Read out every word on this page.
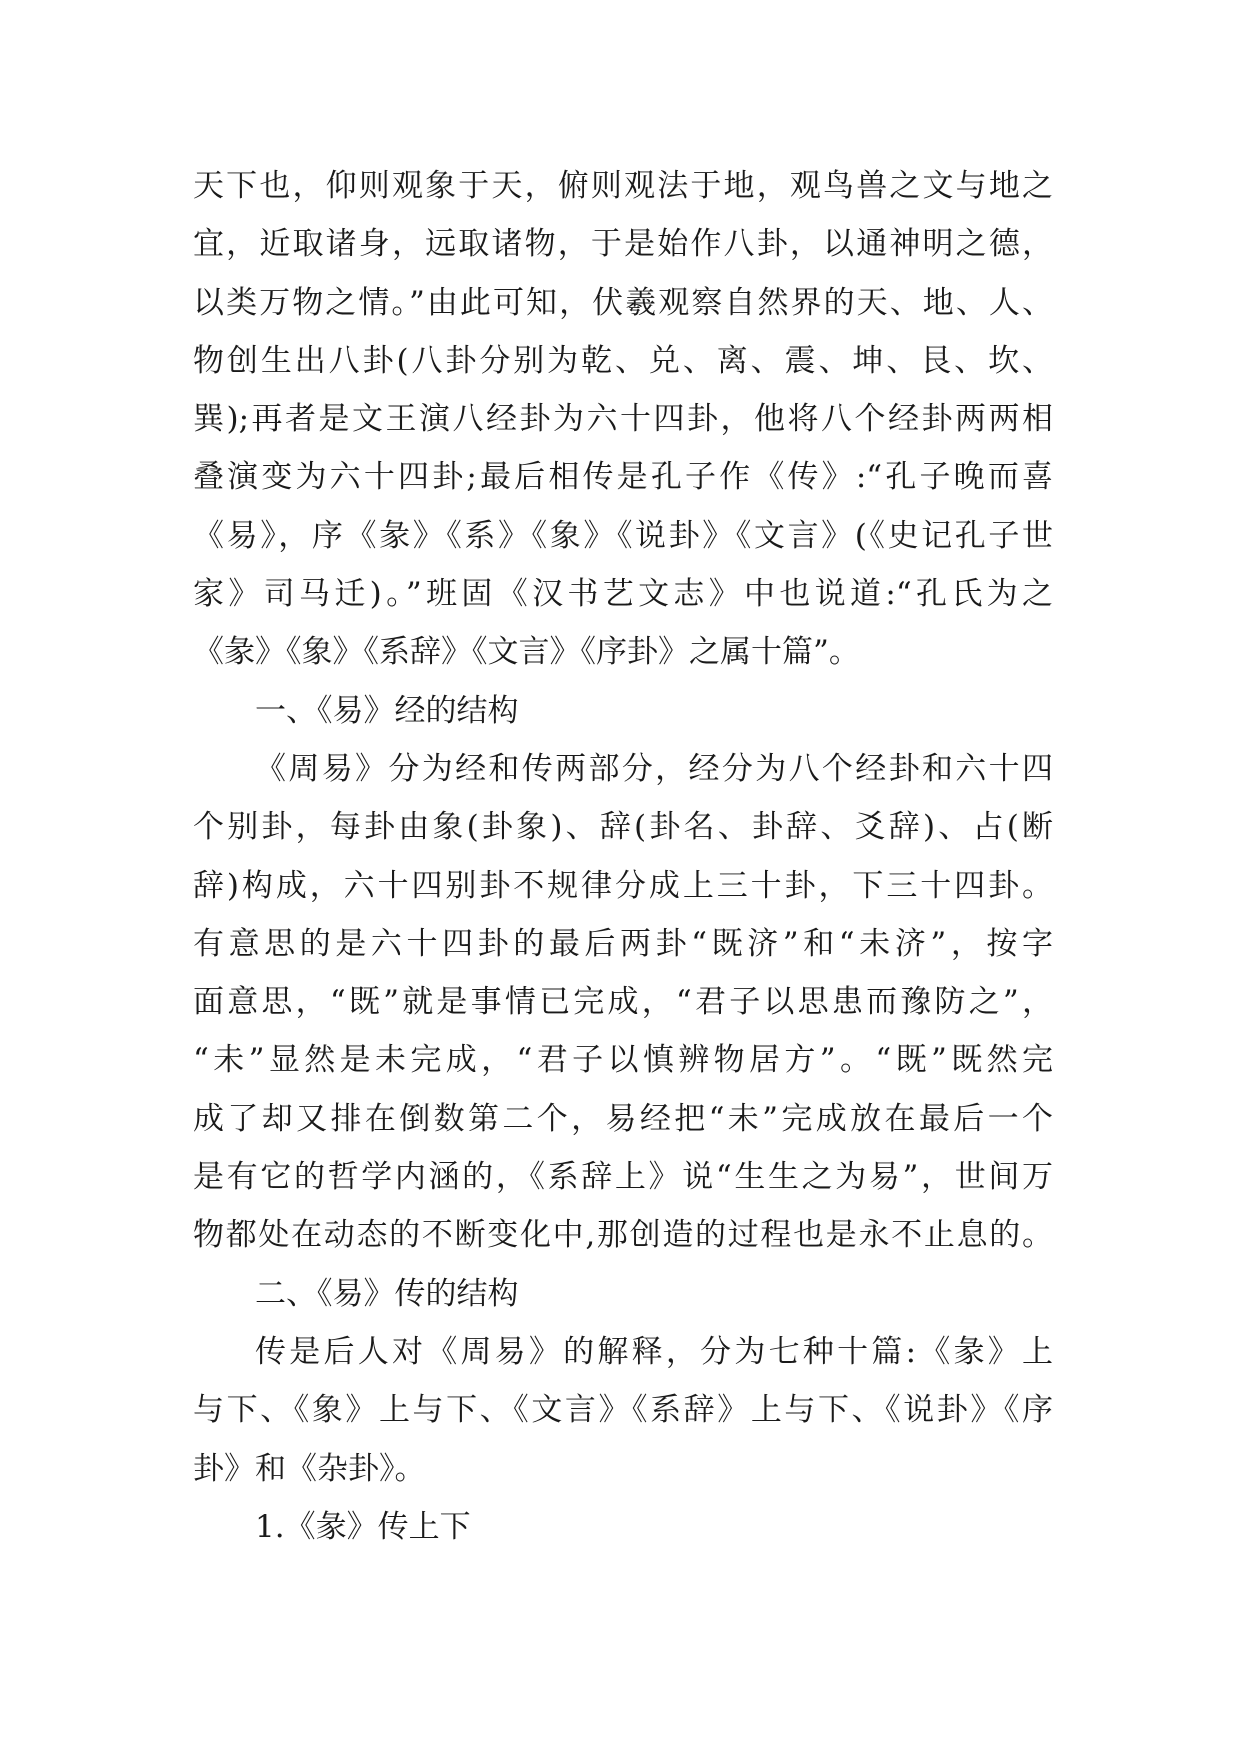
天下也，仰则观象于天，俯则观法于地，观鸟兽之文与地之
宜，近取诸身，远取诸物，于是始作八卦，以通神明之德，
以类万物之情。”由此可知，伏羲观察自然界的天、地、人、
物创生出八卦(八卦分别为乾、兑、离、震、坤、艮、坎、
巽);再者是文王演八经卦为六十四卦，他将八个经卦两两相
叠演变为六十四卦;最后相传是孔子作《传》:“孔子晚而喜
《易》，序《彖》《系》《象》《说卦》《文言》(《史记孔子世
家》司马迁)。”班固《汉书艺文志》中也说道:“孔氏为之
《彖》《象》《系辞》《文言》《序卦》之属十篇”。
一、《易》经的结构
《周易》分为经和传两部分，经分为八个经卦和六十四
个别卦，每卦由象(卦象)、辞(卦名、卦辞、爻辞)、占(断
辞)构成，六十四别卦不规律分成上三十卦，下三十四卦。
有意思的是六十四卦的最后两卦“既济”和“未济”，按字
面意思，“既”就是事情已完成，“君子以思患而豫防之”，
“未”显然是未完成，“君子以慎辨物居方”。“既”既然完
成了却又排在倒数第二个，易经把“未”完成放在最后一个
是有它的哲学内涵的，《系辞上》说“生生之为易”，世间万
物都处在动态的不断变化中,那创造的过程也是永不止息的。
二、《易》传的结构
传是后人对《周易》的解释，分为七种十篇:《彖》上
与下、《象》上与下、《文言》《系辞》上与下、《说卦》《序
卦》和《杂卦》。
1.《彖》传上下
